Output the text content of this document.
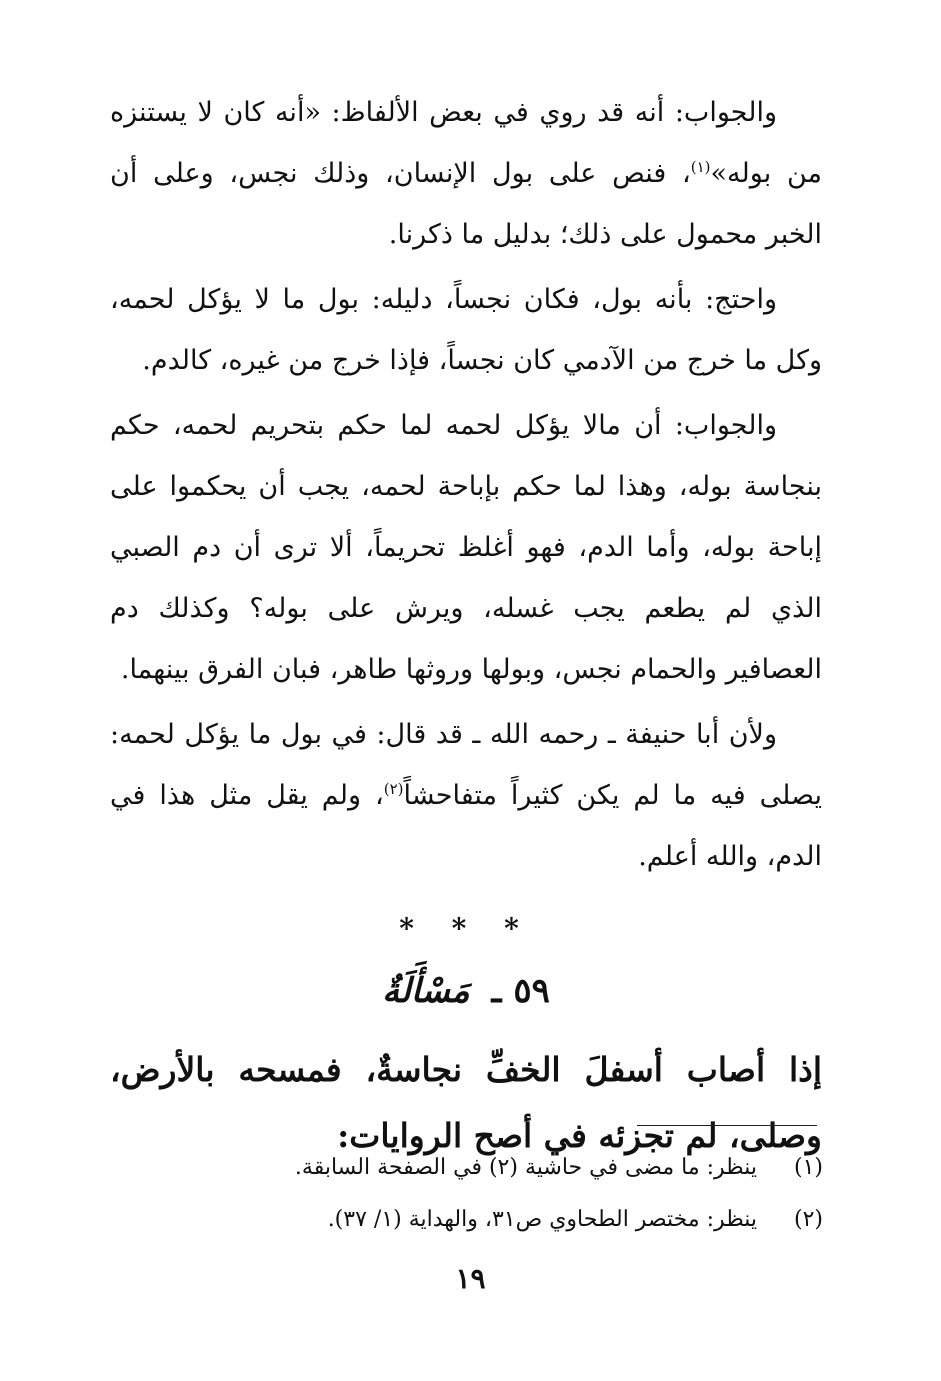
والجواب: أنه قد روي في بعض الألفاظ: «أنه كان لا يستنزه من بوله»$^{(١)}$، فنص على بول الإنسان، وذلك نجس، وعلى أن الخبر محمول على ذلك؛ بدليل ما ذكرنا.

واحتج: بأنه بول، فكان نجساً، دليله: بول ما لا يؤكل لحمه، وكل ما خرج من الآدمي كان نجساً، فإذا خرج من غيره، كالدم.

والجواب: أن مالا يؤكل لحمه لما حكم بتحريم لحمه، حكم بنجاسة بوله، وهذا لما حكم بإباحة لحمه، يجب أن يحكموا على إباحة بوله، وأما الدم، فهو أغلظ تحريماً، ألا ترى أن دم الصبي الذي لم يطعم يجب غسله، ويرش على بوله؟ وكذلك دم العصافير والحمام نجس، وبولها وروثها طاهر، فبان الفرق بينهما.

ولأن أبا حنيفة ـ رحمه الله ـ قد قال: في بول ما يؤكل لحمه: يصلى فيه ما لم يكن كثيراً متفاحشاً$^{(٢)}$، ولم يقل مثل هذا في الدم، والله أعلم.

* * *
٥٩ ـ مَسْأَلَةٌ

إذا أصاب أسفلَ الخفِّ نجاسةٌ، فمسحه بالأرض، وصلى، لم تجزئه في أصح الروايات:

(١)
ينظر: ما مضى في حاشية (٢) في الصفحة السابقة.
(٢)
ينظر: مختصر الطحاوي ص٣١، والهداية (١/ ٣٧).
١٩
